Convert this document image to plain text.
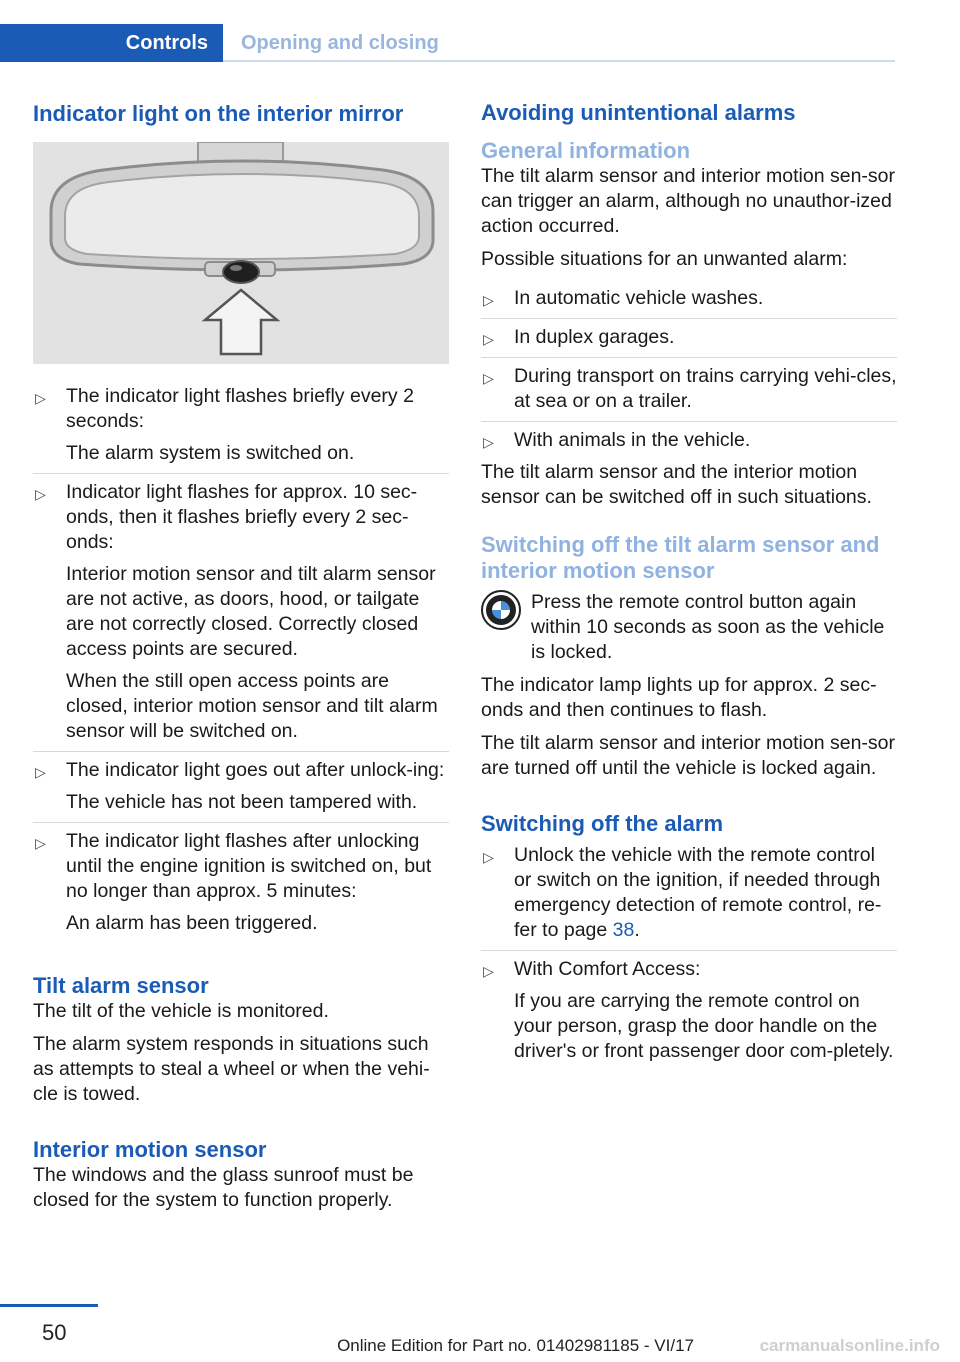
Controls	Opening and closing
Indicator light on the interior mirror
▷ The indicator light flashes briefly every 2 seconds:

The alarm system is switched on.

▷ Indicator light flashes for approx. 10 sec-onds, then it flashes briefly every 2 sec-onds:

Interior motion sensor and tilt alarm sensor are not active, as doors, hood, or tailgate are not correctly closed. Correctly closed access points are secured.

When the still open access points are closed, interior motion sensor and tilt alarm sensor will be switched on.

▷ The indicator light goes out after unlock-ing:

The vehicle has not been tampered with.

▷ The indicator light flashes after unlocking until the engine ignition is switched on, but no longer than approx. 5 minutes:

An alarm has been triggered.

Tilt alarm sensor

The tilt of the vehicle is monitored.

The alarm system responds in situations such as attempts to steal a wheel or when the vehi-cle is towed.

Interior motion sensor

The windows and the glass sunroof must be closed for the system to function properly.

Avoiding unintentional alarms
General information

The tilt alarm sensor and interior motion sen-sor can trigger an alarm, although no unauthor-ized action occurred.

Possible situations for an unwanted alarm:

▷ In automatic vehicle washes.

▷ In duplex garages.

▷ During transport on trains carrying vehi-cles, at sea or on a trailer.

▷ With animals in the vehicle.

The tilt alarm sensor and the interior motion sensor can be switched off in such situations.

Switching off the tilt alarm sensor and interior motion sensor

Press the remote control button again within 10 seconds as soon as the vehicle is locked.

The indicator lamp lights up for approx. 2 sec-onds and then continues to flash.

The tilt alarm sensor and interior motion sen-sor are turned off until the vehicle is locked again.

Switching off the alarm
▷ Unlock the vehicle with the remote control or switch on the ignition, if needed through emergency detection of remote control, re-fer to page 38.

▷ With Comfort Access:

If you are carrying the remote control on your person, grasp the door handle on the driver's or front passenger door com-pletely.

50
Online Edition for Part no. 01402981185 - VI/17	carmanualsonline.info
